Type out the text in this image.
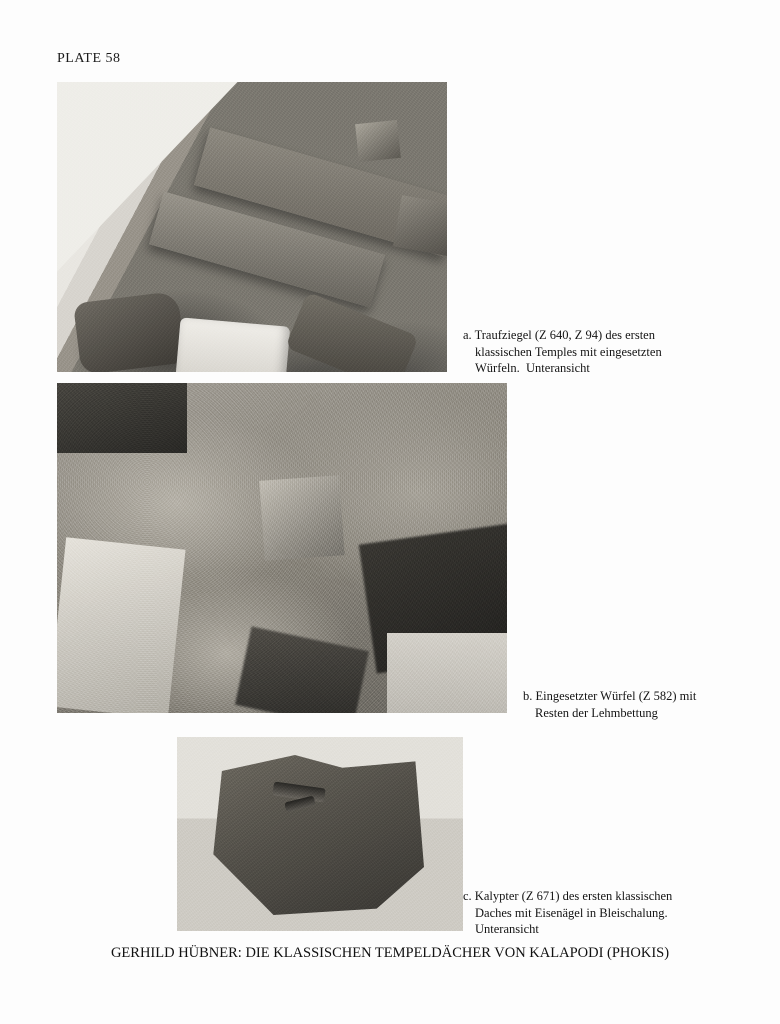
PLATE 58
a. Traufziegel (Z 640, Z 94) des ersten
klassischen Temples mit eingesetzten
Würfeln.  Unteransicht
b. Eingesetzter Würfel (Z 582) mit
Resten der Lehmbettung
c. Kalypter (Z 671) des ersten klassischen
Daches mit Eisenägel in Bleischalung.
Unteransicht
GERHILD HÜBNER: DIE KLASSISCHEN TEMPELDÄCHER VON KALAPODI (PHOKIS)
